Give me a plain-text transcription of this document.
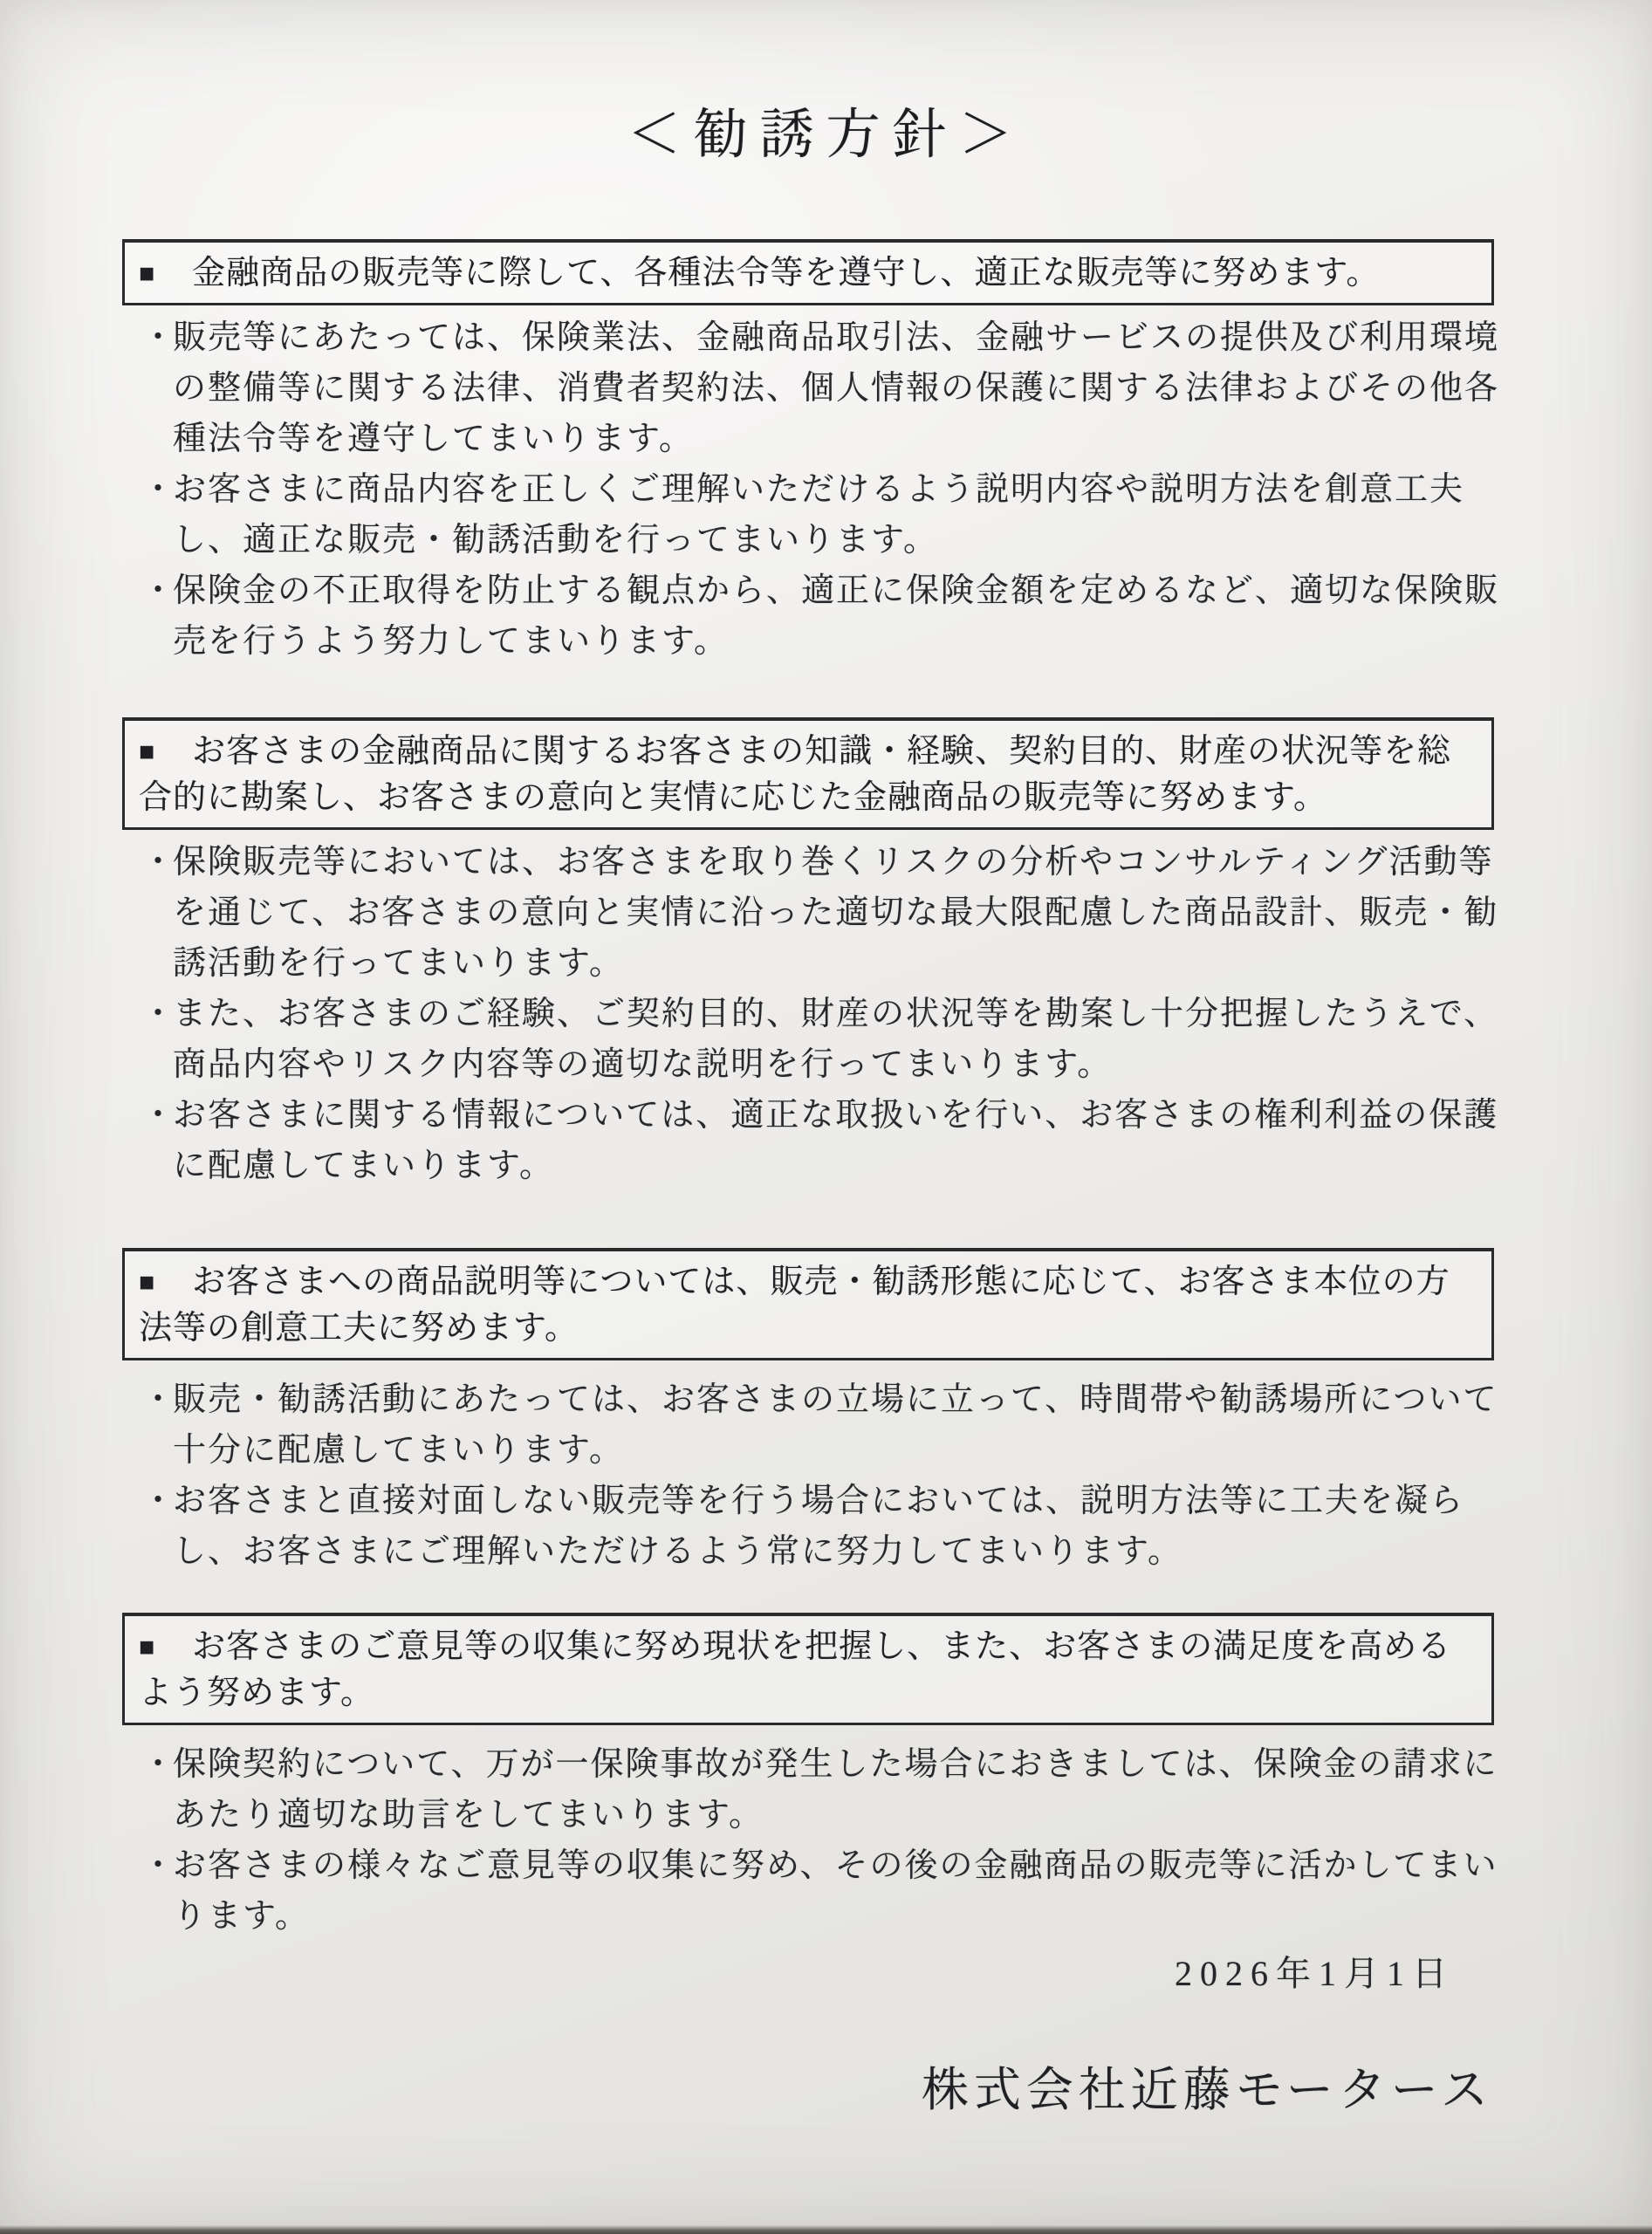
＜勧誘方針＞
■ 金融商品の販売等に際して、各種法令等を遵守し、適正な販売等に努めます。
・
販売等にあたっては、保険業法、金融商品取引法、金融サービスの提供及び利用環境の整備等に関する法律、消費者契約法、個人情報の保護に関する法律およびその他各種法令等を遵守してまいります。
・
お客さまに商品内容を正しくご理解いただけるよう説明内容や説明方法を創意工夫し、適正な販売・勧誘活動を行ってまいります。
・
保険金の不正取得を防止する観点から、適正に保険金額を定めるなど、適切な保険販売を行うよう努力してまいります。
■ お客さまの金融商品に関するお客さまの知識・経験、契約目的、財産の状況等を総合的に勘案し、お客さまの意向と実情に応じた金融商品の販売等に努めます。
・
保険販売等においては、お客さまを取り巻くリスクの分析やコンサルティング活動等を通じて、お客さまの意向と実情に沿った適切な最大限配慮した商品設計、販売・勧誘活動を行ってまいります。
・
また、お客さまのご経験、ご契約目的、財産の状況等を勘案し十分把握したうえで、商品内容やリスク内容等の適切な説明を行ってまいります。
・
お客さまに関する情報については、適正な取扱いを行い、お客さまの権利利益の保護に配慮してまいります。
■ お客さまへの商品説明等については、販売・勧誘形態に応じて、お客さま本位の方法等の創意工夫に努めます。
・
販売・勧誘活動にあたっては、お客さまの立場に立って、時間帯や勧誘場所について十分に配慮してまいります。
・
お客さまと直接対面しない販売等を行う場合においては、説明方法等に工夫を凝らし、お客さまにご理解いただけるよう常に努力してまいります。
■ お客さまのご意見等の収集に努め現状を把握し、また、お客さまの満足度を高めるよう努めます。
・
保険契約について、万が一保険事故が発生した場合におきましては、保険金の請求にあたり適切な助言をしてまいります。
・
お客さまの様々なご意見等の収集に努め、その後の金融商品の販売等に活かしてまいります。
2026年1月1日
株式会社近藤モータース
